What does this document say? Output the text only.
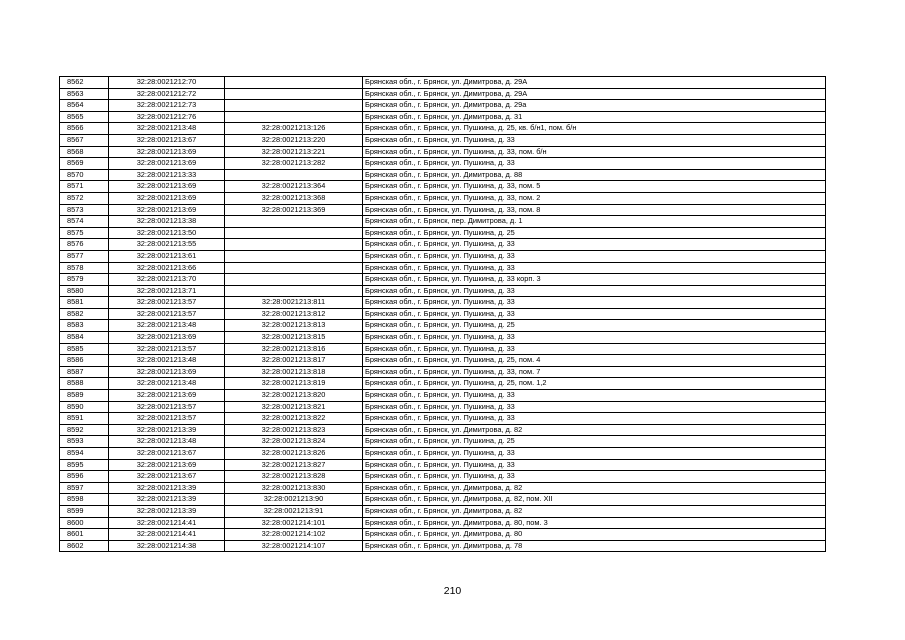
8562	32:28:0021212:70		Брянская обл., г. Брянск, ул. Димитрова, д. 29А
8563	32:28:0021212:72		Брянская обл., г. Брянск, ул. Димитрова, д. 29А
8564	32:28:0021212:73		Брянская обл., г. Брянск, ул. Димитрова, д. 29а
8565	32:28:0021212:76		Брянская обл., г. Брянск, ул. Димитрова, д. 31
8566	32:28:0021213:48	32:28:0021213:126	Брянская обл., г. Брянск, ул. Пушкина, д. 25, кв. б/н1, пом. б/н
8567	32:28:0021213:67	32:28:0021213:220	Брянская обл., г. Брянск, ул. Пушкина, д. 33
8568	32:28:0021213:69	32:28:0021213:221	Брянская обл., г. Брянск, ул. Пушкина, д. 33, пом. б/н
8569	32:28:0021213:69	32:28:0021213:282	Брянская обл., г. Брянск, ул. Пушкина, д. 33
8570	32:28:0021213:33		Брянская обл., г. Брянск, ул. Димитрова, д. 88
8571	32:28:0021213:69	32:28:0021213:364	Брянская обл., г. Брянск, ул. Пушкина, д. 33, пом. 5
8572	32:28:0021213:69	32:28:0021213:368	Брянская обл., г. Брянск, ул. Пушкина, д. 33, пом. 2
8573	32:28:0021213:69	32:28:0021213:369	Брянская обл., г. Брянск, ул. Пушкина, д. 33, пом. 8
8574	32:28:0021213:38		Брянская обл., г. Брянск, пер. Димитрова, д. 1
8575	32:28:0021213:50		Брянская обл., г. Брянск, ул. Пушкина, д. 25
8576	32:28:0021213:55		Брянская обл., г. Брянск, ул. Пушкина, д. 33
8577	32:28:0021213:61		Брянская обл., г. Брянск, ул. Пушкина, д. 33
8578	32:28:0021213:66		Брянская обл., г. Брянск, ул. Пушкина, д. 33
8579	32:28:0021213:70		Брянская обл., г. Брянск, ул. Пушкина, д. 33 корп. 3
8580	32:28:0021213:71		Брянская обл., г. Брянск, ул. Пушкина, д. 33
8581	32:28:0021213:57	32:28:0021213:811	Брянская обл., г. Брянск, ул. Пушкина, д. 33
8582	32:28:0021213:57	32:28:0021213:812	Брянская обл., г. Брянск, ул. Пушкина, д. 33
8583	32:28:0021213:48	32:28:0021213:813	Брянская обл., г. Брянск, ул. Пушкина, д. 25
8584	32:28:0021213:69	32:28:0021213:815	Брянская обл., г. Брянск, ул. Пушкина, д. 33
8585	32:28:0021213:57	32:28:0021213:816	Брянская обл., г. Брянск, ул. Пушкина, д. 33
8586	32:28:0021213:48	32:28:0021213:817	Брянская обл., г. Брянск, ул. Пушкина, д. 25, пом. 4
8587	32:28:0021213:69	32:28:0021213:818	Брянская обл., г. Брянск, ул. Пушкина, д. 33, пом. 7
8588	32:28:0021213:48	32:28:0021213:819	Брянская обл., г. Брянск, ул. Пушкина, д. 25, пом. 1,2
8589	32:28:0021213:69	32:28:0021213:820	Брянская обл., г. Брянск, ул. Пушкина, д. 33
8590	32:28:0021213:57	32:28:0021213:821	Брянская обл., г. Брянск, ул. Пушкина, д. 33
8591	32:28:0021213:57	32:28:0021213:822	Брянская обл., г. Брянск, ул. Пушкина, д. 33
8592	32:28:0021213:39	32:28:0021213:823	Брянская обл., г. Брянск, ул. Димитрова, д. 82
8593	32:28:0021213:48	32:28:0021213:824	Брянская обл., г. Брянск, ул. Пушкина, д. 25
8594	32:28:0021213:67	32:28:0021213:826	Брянская обл., г. Брянск, ул. Пушкина, д. 33
8595	32:28:0021213:69	32:28:0021213:827	Брянская обл., г. Брянск, ул. Пушкина, д. 33
8596	32:28:0021213:67	32:28:0021213:828	Брянская обл., г. Брянск, ул. Пушкина, д. 33
8597	32:28:0021213:39	32:28:0021213:830	Брянская обл., г. Брянск, ул. Димитрова, д. 82
8598	32:28:0021213:39	32:28:0021213:90	Брянская обл., г. Брянск, ул. Димитрова, д. 82, пом. XII
8599	32:28:0021213:39	32:28:0021213:91	Брянская обл., г. Брянск, ул. Димитрова, д. 82
8600	32:28:0021214:41	32:28:0021214:101	Брянская обл., г. Брянск, ул. Димитрова, д. 80, пом. 3
8601	32:28:0021214:41	32:28:0021214:102	Брянская обл., г. Брянск, ул. Димитрова, д. 80
8602	32:28:0021214:38	32:28:0021214:107	Брянская обл., г. Брянск, ул. Димитрова, д. 78
210
